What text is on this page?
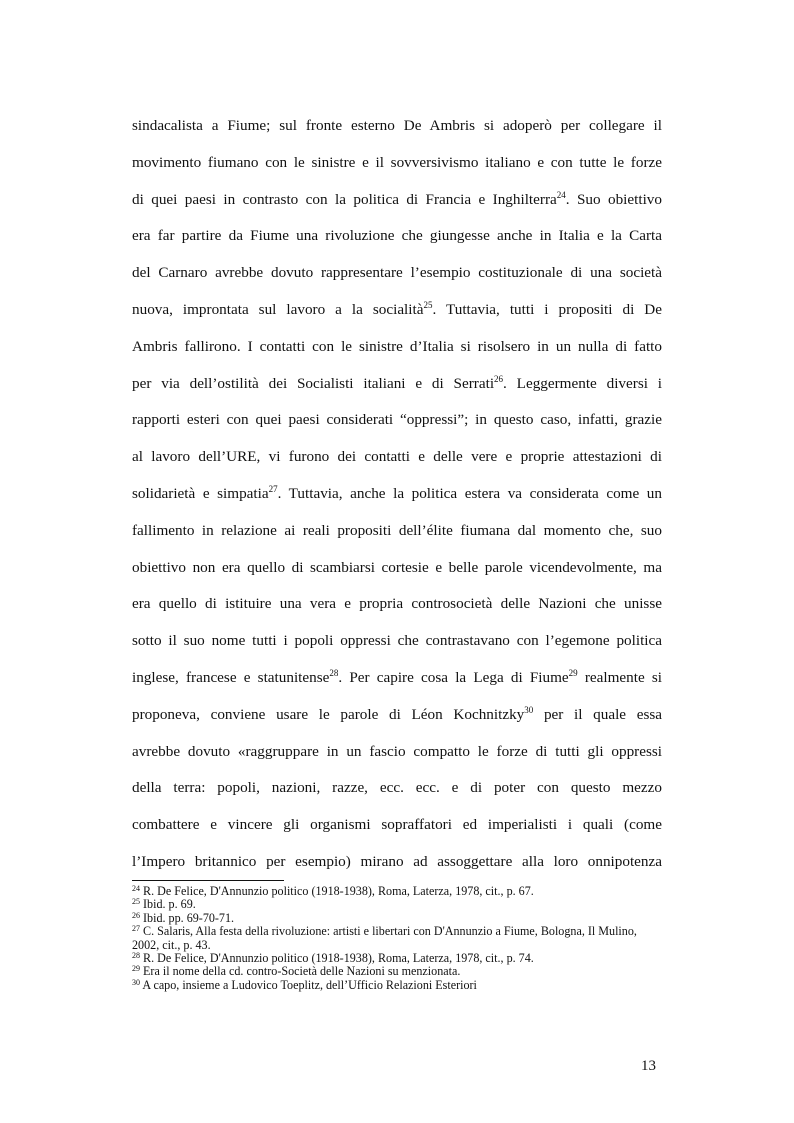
sindacalista a Fiume; sul fronte esterno De Ambris si adoperò per collegare il
movimento fiumano con le sinistre e il sovversivismo italiano e con tutte le forze
di quei paesi in contrasto con la politica di Francia e Inghilterra$^{24}$. Suo obiettivo
era far partire da Fiume una rivoluzione che giungesse anche in Italia e la Carta
del Carnaro avrebbe dovuto rappresentare l’esempio costituzionale di una società
nuova, improntata sul lavoro a la socialità$^{25}$. Tuttavia, tutti i propositi di De
Ambris fallirono. I contatti con le sinistre d’Italia si risolsero in un nulla di fatto
per via dell’ostilità dei Socialisti italiani e di Serrati$^{26}$. Leggermente diversi i
rapporti esteri con quei paesi considerati “oppressi”; in questo caso, infatti, grazie
al lavoro dell’URE, vi furono dei contatti e delle vere e proprie attestazioni di
solidarietà e simpatia$^{27}$. Tuttavia, anche la politica estera va considerata come un
fallimento in relazione ai reali propositi dell’élite fiumana dal momento che, suo
obiettivo non era quello di scambiarsi cortesie e belle parole vicendevolmente, ma
era quello di istituire una vera e propria controsocietà delle Nazioni che unisse
sotto il suo nome tutti i popoli oppressi che contrastavano con l’egemone politica
inglese, francese e statunitense$^{28}$. Per capire cosa la Lega di Fiume$^{29}$ realmente si
proponeva, conviene usare le parole di Léon Kochnitzky$^{30}$ per il quale essa
avrebbe dovuto «raggruppare in un fascio compatto le forze di tutti gli oppressi
della terra: popoli, nazioni, razze, ecc. ecc. e di poter con questo mezzo
combattere e vincere gli organismi sopraffatori ed imperialisti i quali (come
l’Impero britannico per esempio) mirano ad assoggettare alla loro onnipotenza
$^{24}$ R. De Felice, D'Annunzio politico (1918-1938), Roma, Laterza, 1978, cit., p. 67.
$^{25}$ Ibid. p. 69.
$^{26}$ Ibid. pp. 69-70-71.
$^{27}$ C. Salaris, Alla festa della rivoluzione: artisti e libertari con D'Annunzio a Fiume, Bologna, Il Mulino, 2002, cit., p. 43.
$^{28}$ R. De Felice, D'Annunzio politico (1918-1938), Roma, Laterza, 1978, cit., p. 74.
$^{29}$ Era il nome della cd. contro-Società delle Nazioni su menzionata.
$^{30}$ A capo, insieme a Ludovico Toeplitz, dell’Ufficio Relazioni Esteriori
13
